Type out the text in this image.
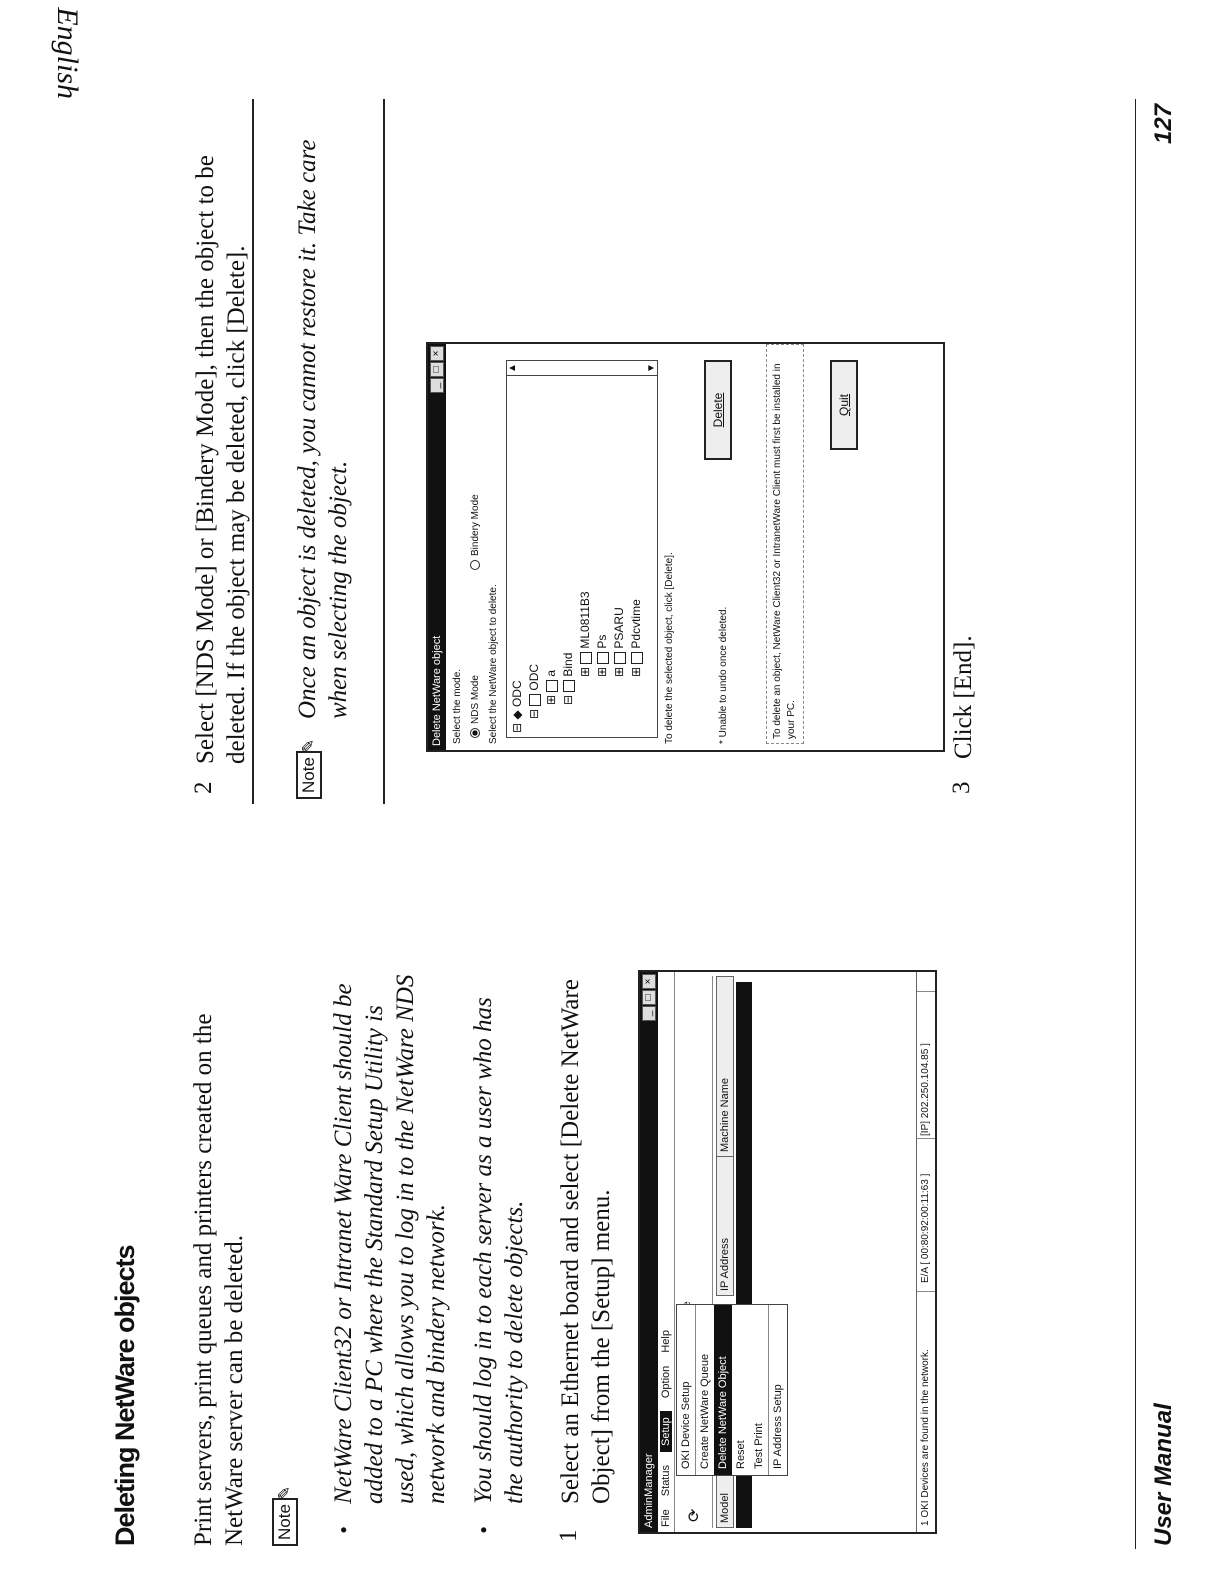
English
Deleting NetWare objects Print servers, print queues and printers created on the NetWare server can be deleted. Note ✎
•
NetWare Client32 or Intranet Ware Client should be added to a PC where the Standard Setup Utility is used, which allows you to log in to the NetWare NDS network and bindery network.
•
You should log in to each server as a user who has the authority to delete objects.
1
Select an Ethernet board and select [Delete NetWare Object] from the [Setup] menu.	AdminManager
_□×
File Status Setup Option Help
⟳ Model
IP Address
Machine Name
OKI Device Setup Create NetWare Queue Delete NetWare Object Reset Test Print IP Address Setup	1 OKI Devices are found in the network.
E/A [ 00:80:92:00:11:63 ]
[IP] 202.250.104.85 ]
2
Select [NDS Mode] or [Bindery Mode], then the object to be deleted. If the object may be deleted, click [Delete].
Note ✎
Once an object is deleted, you cannot restore it. Take care when selecting the object.	Delete NetWare object
_□×
Select the mode. NDS Mode
Bindery Mode
Select the NetWare object to delete. ⊟ ◆ ODC
⊟ ODC
⊞ a
⊟ Bind ⊞ ML0811B3
⊞ Ps
⊞ PSARU
⊞ Pdcvtime
▲	▼
To delete the selected object, click [Delete].	* Unable to undo once deleted.
Delete	To delete an object, NetWare Client32 or IntranetWare Client must first be installed in your PC.
Quit
3
Click [End].
User Manual
127
